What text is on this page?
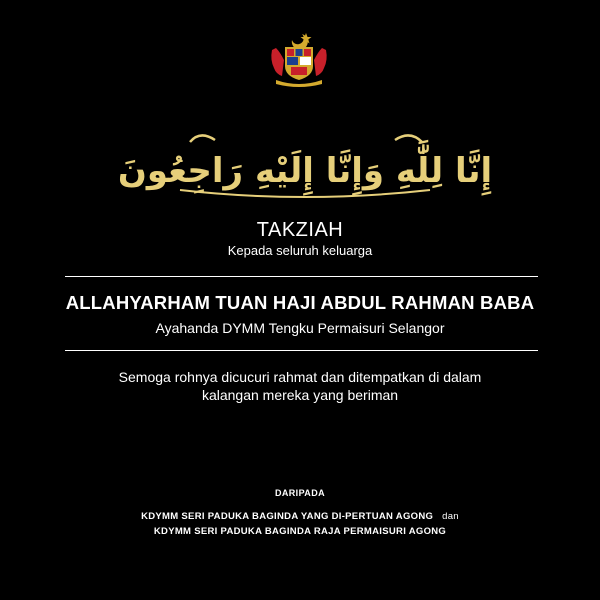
إِنَّا لِلَّٰهِ وَإِنَّا إِلَيْهِ رَاجِعُونَ
TAKZIAH
Kepada seluruh keluarga
ALLAHYARHAM TUAN HAJI ABDUL RAHMAN BABA
Ayahanda DYMM Tengku Permaisuri Selangor
Semoga rohnya dicucuri rahmat dan ditempatkan di dalam
kalangan mereka yang beriman
DARIPADA
KDYMM SERI PADUKA BAGINDA YANG DI-PERTUAN AGONG dan
KDYMM SERI PADUKA BAGINDA RAJA PERMAISURI AGONG
